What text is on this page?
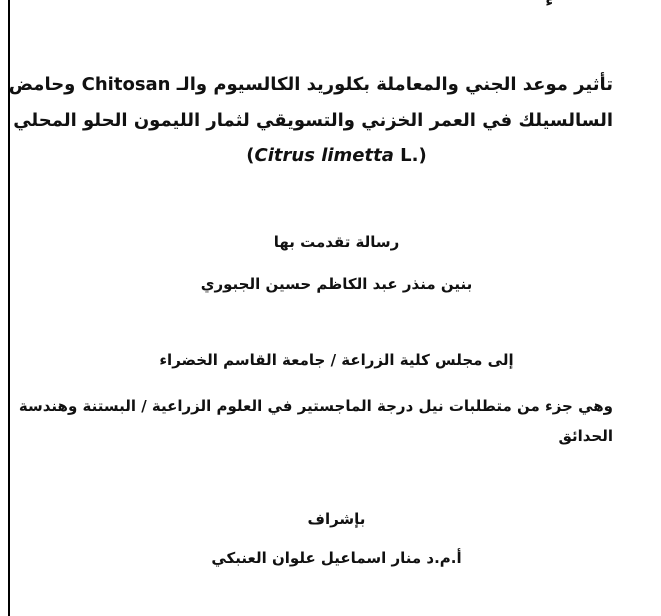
ء
تأثير موعد الجني والمعاملة بكلوريد الكالسيوم والـ Chitosan وحامض
السالسيلك في العمر الخزني والتسويقي لثمار الليمون الحلو المحلي
(Citrus limetta L.)
رسالة تقدمت بها
بنين منذر عبد الكاظم حسين الجبوري
إلى مجلس كلية الزراعة / جامعة القاسم الخضراء
وهي جزء من متطلبات نيل درجة الماجستير في العلوم الزراعية / البستنة وهندسة
الحدائق
بإشراف
أ.م.د منار اسماعيل علوان العنبكي
